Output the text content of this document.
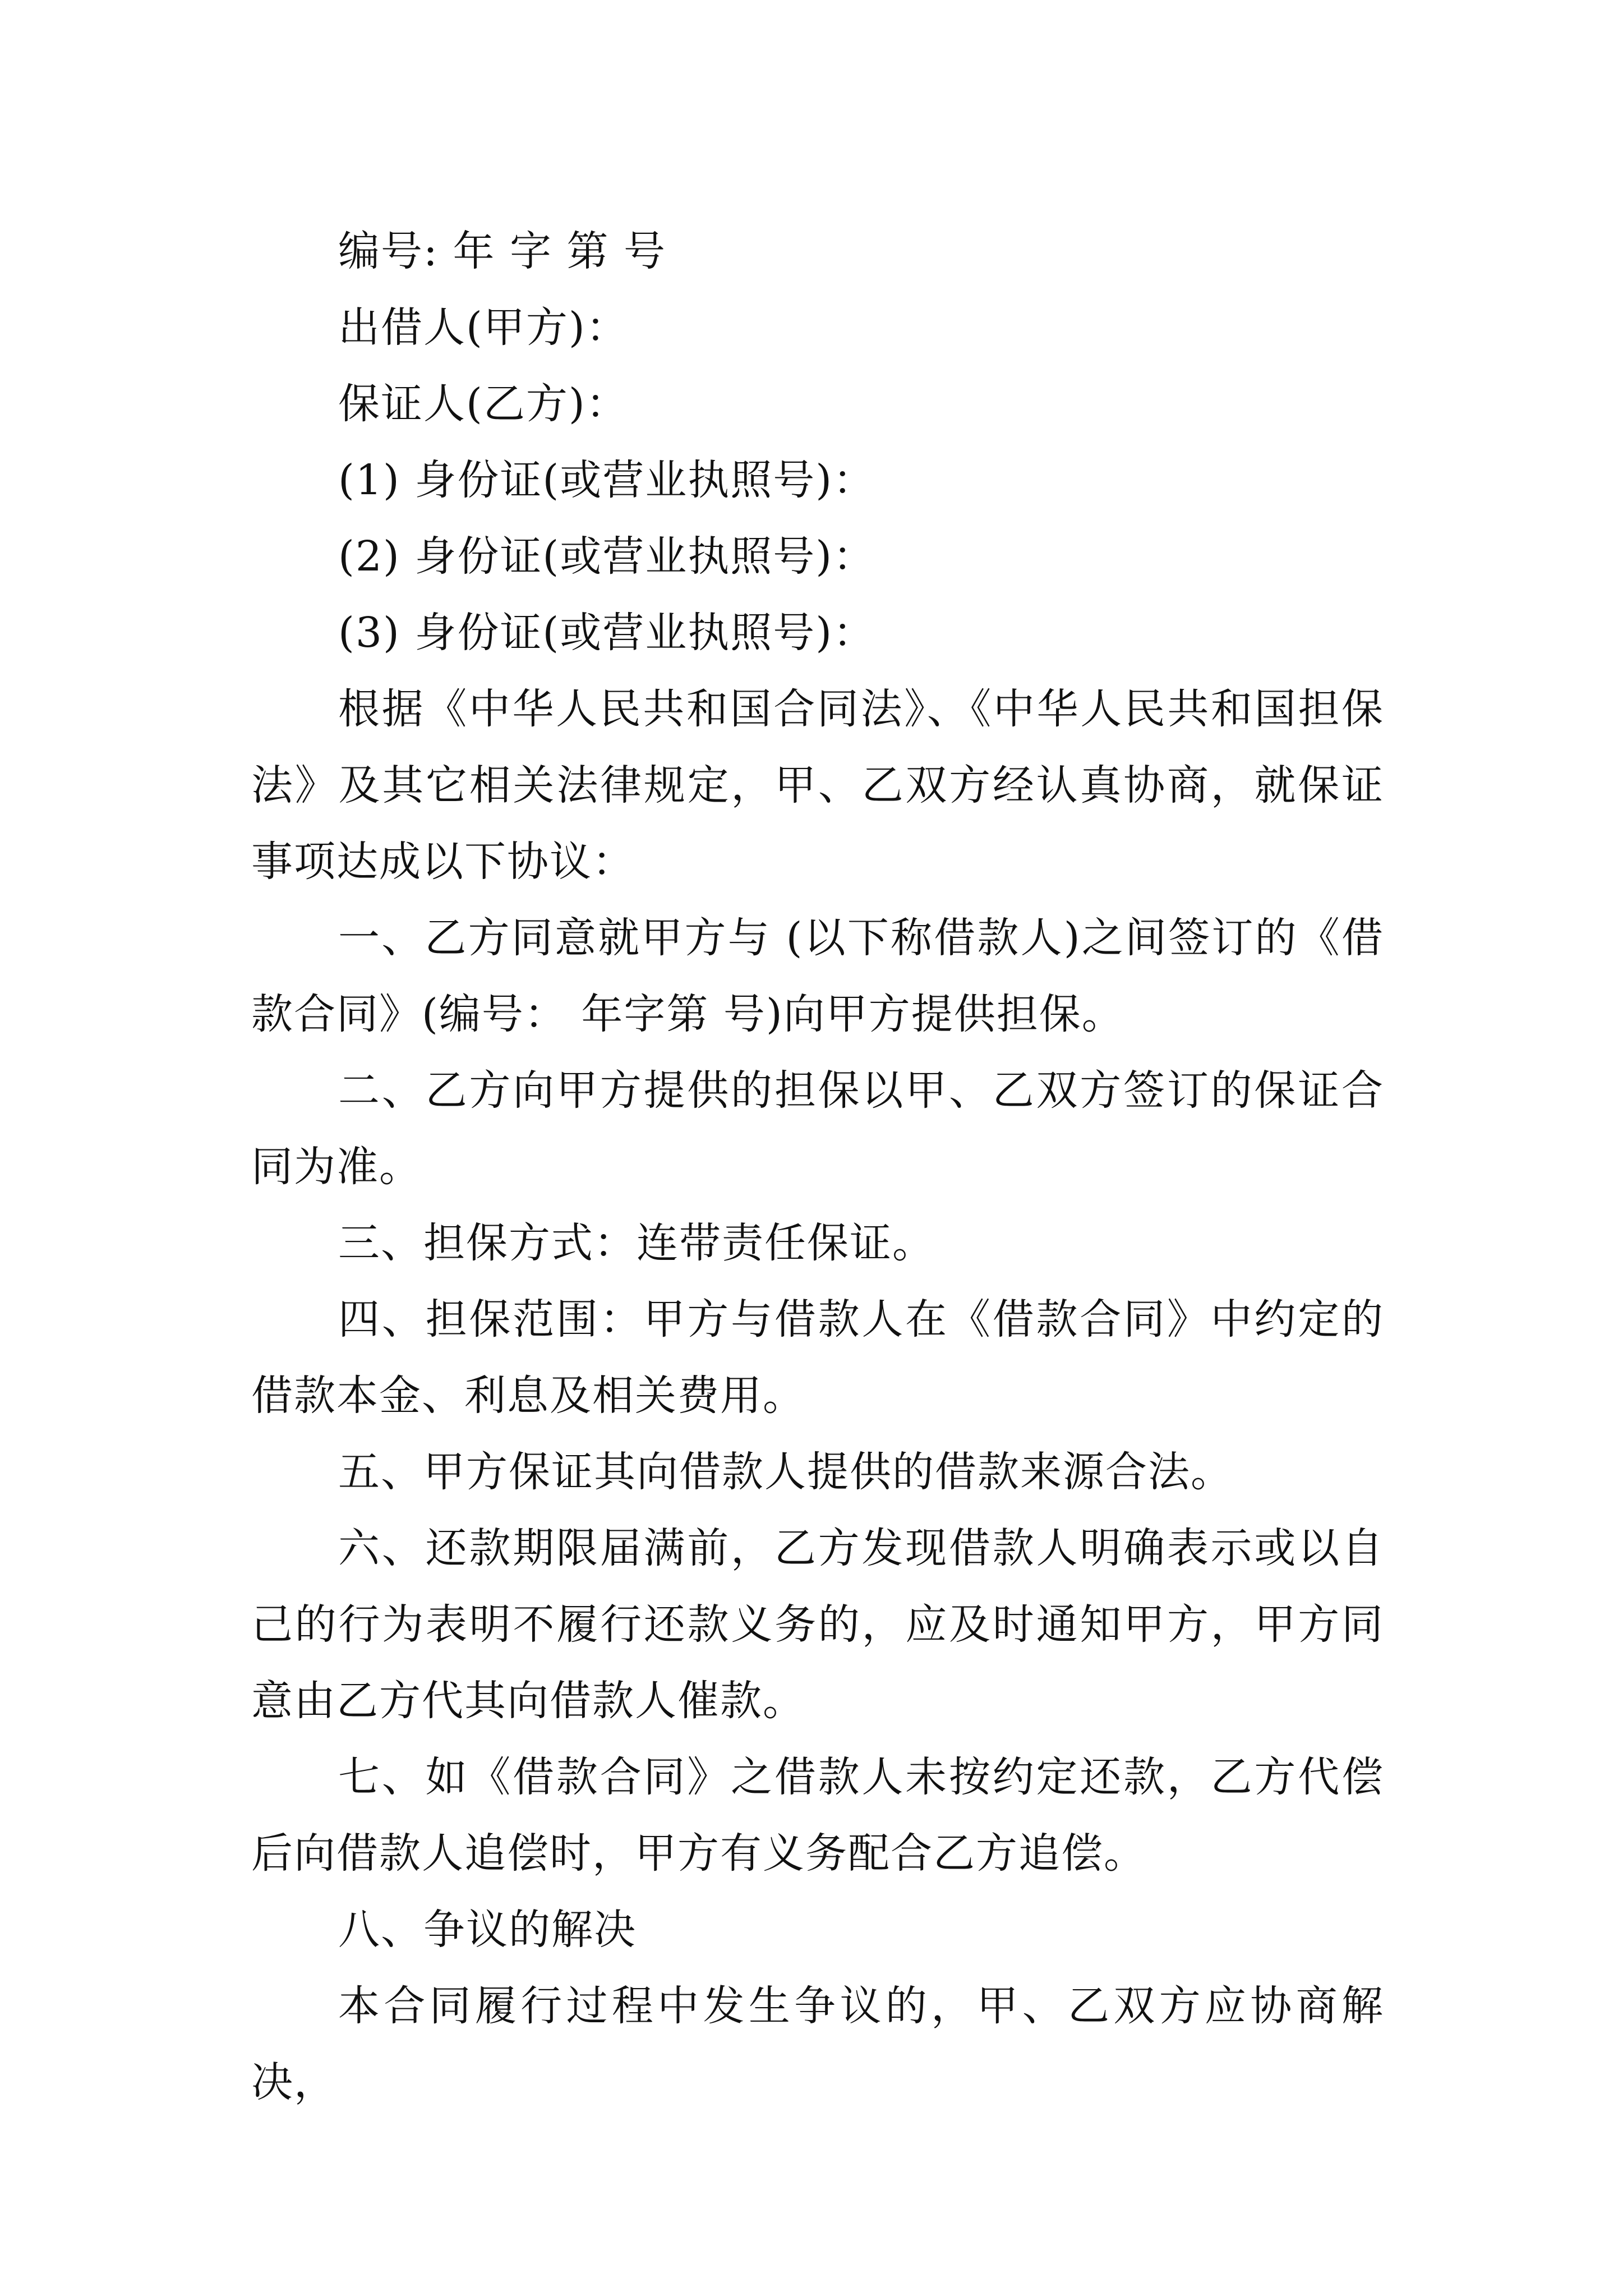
编号: 年 字 第 号

出借人(甲方)：

保证人(乙方)：

(1) 身份证(或营业执照号)：

(2) 身份证(或营业执照号)：

(3) 身份证(或营业执照号)：

根据《中华人民共和国合同法》、《中华人民共和国担保法》及其它相关法律规定，甲、乙双方经认真协商，就保证事项达成以下协议：

一、乙方同意就甲方与 (以下称借款人)之间签订的《借款合同》(编号： 年字第 号)向甲方提供担保。

二、乙方向甲方提供的担保以甲、乙双方签订的保证合同为准。

三、担保方式：连带责任保证。

四、担保范围：甲方与借款人在《借款合同》中约定的借款本金、利息及相关费用。

五、甲方保证其向借款人提供的借款来源合法。

六、还款期限届满前，乙方发现借款人明确表示或以自己的行为表明不履行还款义务的，应及时通知甲方，甲方同意由乙方代其向借款人催款。

七、如《借款合同》之借款人未按约定还款，乙方代偿后向借款人追偿时，甲方有义务配合乙方追偿。

八、争议的解决

本合同履行过程中发生争议的，甲、乙双方应协商解决，
